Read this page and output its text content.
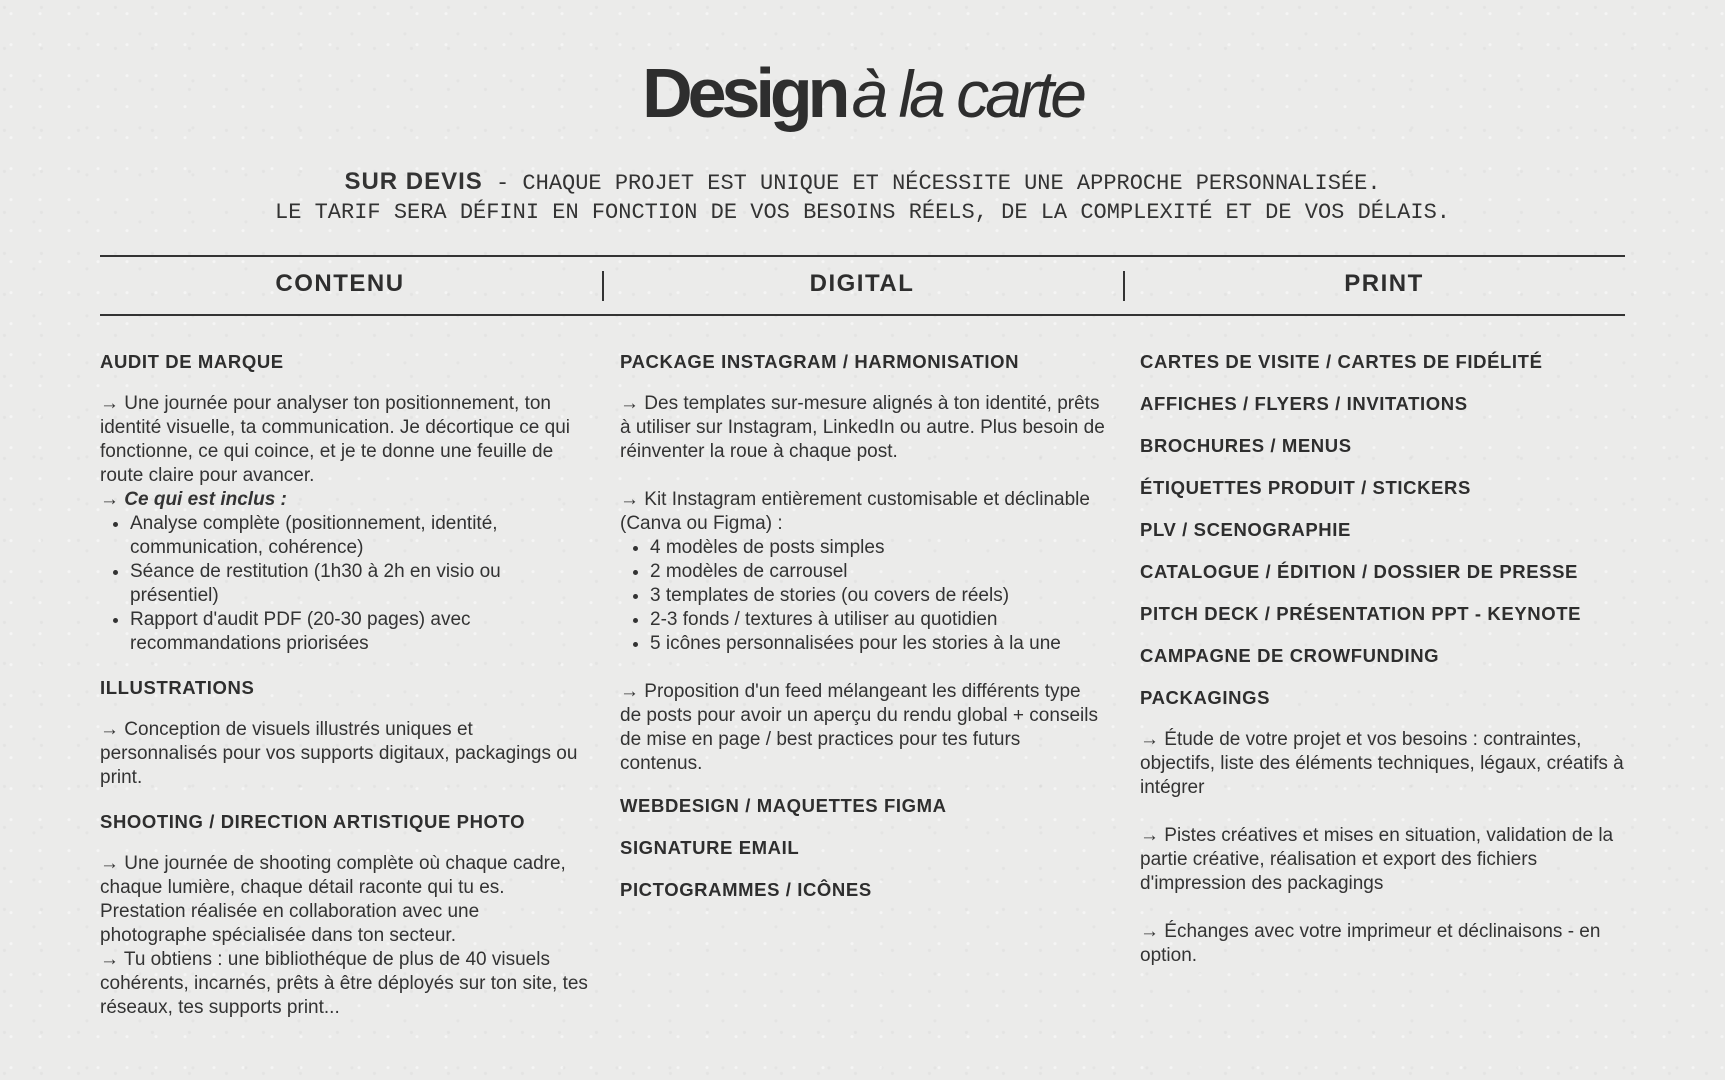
Designà la carte
SUR DEVIS - CHAQUE PROJET EST UNIQUE ET NÉCESSITE UNE APPROCHE PERSONNALISÉE.
LE TARIF SERA DÉFINI EN FONCTION DE VOS BESOINS RÉELS, DE LA COMPLEXITÉ ET DE VOS DÉLAIS.
CONTENU	DIGITAL	PRINT

AUDIT DE MARQUE

→ Une journée pour analyser ton positionnement, ton identité visuelle, ta communication. Je décortique ce qui fonctionne, ce qui coince, et je te donne une feuille de route claire pour avancer.

→ Ce qui est inclus :

• Analyse complète (positionnement, identité, communication, cohérence)
• Séance de restitution (1h30 à 2h en visio ou présentiel)
• Rapport d'audit PDF (20-30 pages) avec recommandations priorisées

ILLUSTRATIONS

→ Conception de visuels illustrés uniques et personnalisés pour vos supports digitaux, packagings ou print.

SHOOTING / DIRECTION ARTISTIQUE PHOTO

→ Une journée de shooting complète où chaque cadre, chaque lumière, chaque détail raconte qui tu es. Prestation réalisée en collaboration avec une photographe spécialisée dans ton secteur.

→ Tu obtiens : une bibliothéque de plus de 40 visuels cohérents, incarnés, prêts à être déployés sur ton site, tes réseaux, tes supports print...

PACKAGE INSTAGRAM / HARMONISATION

→ Des templates sur-mesure alignés à ton identité, prêts à utiliser sur Instagram, LinkedIn ou autre. Plus besoin de réinventer la roue à chaque post.

→ Kit Instagram entièrement customisable et déclinable (Canva ou Figma) :

• 4 modèles de posts simples
• 2 modèles de carrousel
• 3 templates de stories (ou covers de réels)
• 2-3 fonds / textures à utiliser au quotidien
• 5 icônes personnalisées pour les stories à la une

→ Proposition d'un feed mélangeant les différents type de posts pour avoir un aperçu du rendu global + conseils de mise en page / best practices pour tes futurs contenus.

WEBDESIGN / MAQUETTES FIGMA

SIGNATURE EMAIL

PICTOGRAMMES / ICÔNES

CARTES DE VISITE / CARTES DE FIDÉLITÉ

AFFICHES / FLYERS / INVITATIONS

BROCHURES / MENUS

ÉTIQUETTES PRODUIT / STICKERS

PLV / SCENOGRAPHIE

CATALOGUE / ÉDITION / DOSSIER DE PRESSE

PITCH DECK / PRÉSENTATION PPT - KEYNOTE

CAMPAGNE DE CROWFUNDING

PACKAGINGS

→ Étude de votre projet et vos besoins : contraintes, objectifs, liste des éléments techniques, légaux, créatifs à intégrer

→ Pistes créatives et mises en situation, validation de la partie créative, réalisation et export des fichiers d'impression des packagings

→ Échanges avec votre imprimeur et déclinaisons - en option.
